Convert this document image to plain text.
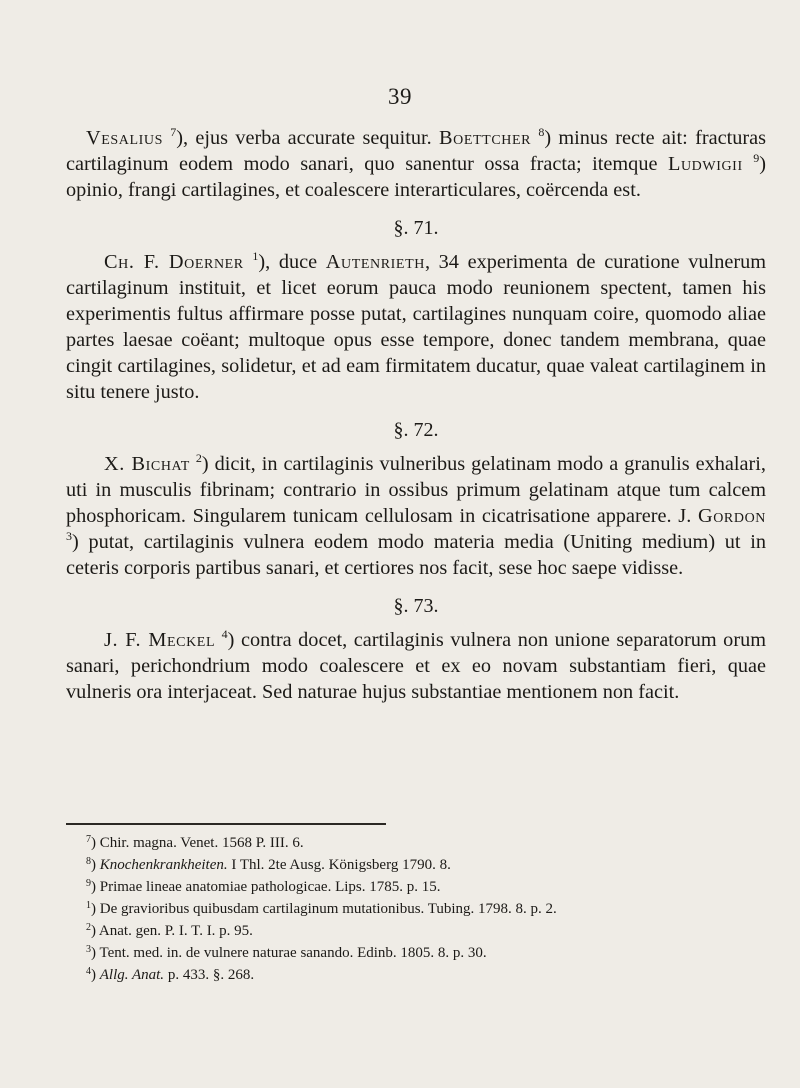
39

Vesalius $^7$), ejus verba accurate sequitur. Boettcher $^8$) minus recte ait: fracturas cartilaginum eodem modo sanari, quo sanentur ossa fracta; itemque Ludwigii $^9$) opinio, frangi cartilagines, et coalescere interarticulares, coërcenda est.

§. 71.

Ch. F. Doerner $^1$), duce Autenrieth, 34 experimenta de curatione vulnerum cartilaginum instituit, et licet eorum pauca modo reunionem spectent, tamen his experimentis fultus affirmare posse putat, cartilagines nunquam coire, quomodo aliae partes laesae coëant; multoque opus esse tempore, donec tandem membrana, quae cingit cartilagines, solidetur, et ad eam firmitatem ducatur, quae valeat cartilaginem in situ tenere justo.

§. 72.

X. Bichat $^2$) dicit, in cartilaginis vulneribus gelatinam modo a granulis exhalari, uti in musculis fibrinam; contrario in ossibus primum gelatinam atque tum calcem phosphoricam. Singularem tunicam cellulosam in cicatrisatione apparere. J. Gordon $^3$) putat, cartilaginis vulnera eodem modo materia media (Uniting medium) ut in ceteris corporis partibus sanari, et certiores nos facit, sese hoc saepe vidisse.

§. 73.

J. F. Meckel $^4$) contra docet, cartilaginis vulnera non unione separatorum orum sanari, perichondrium modo coalescere et ex eo novam substantiam fieri, quae vulneris ora interjaceat. Sed naturae hujus substantiae mentionem non facit.

$^7$) Chir. magna. Venet. 1568 P. III. 6.

$^8$) Knochenkrankheiten. I Thl. 2te Ausg. Königsberg 1790. 8.

$^9$) Primae lineae anatomiae pathologicae. Lips. 1785. p. 15.

$^1$) De gravioribus quibusdam cartilaginum mutationibus. Tubing. 1798. 8. p. 2.

$^2$) Anat. gen. P. I. T. I. p. 95.

$^3$) Tent. med. in. de vulnere naturae sanando. Edinb. 1805. 8. p. 30.

$^4$) Allg. Anat. p. 433. §. 268.
